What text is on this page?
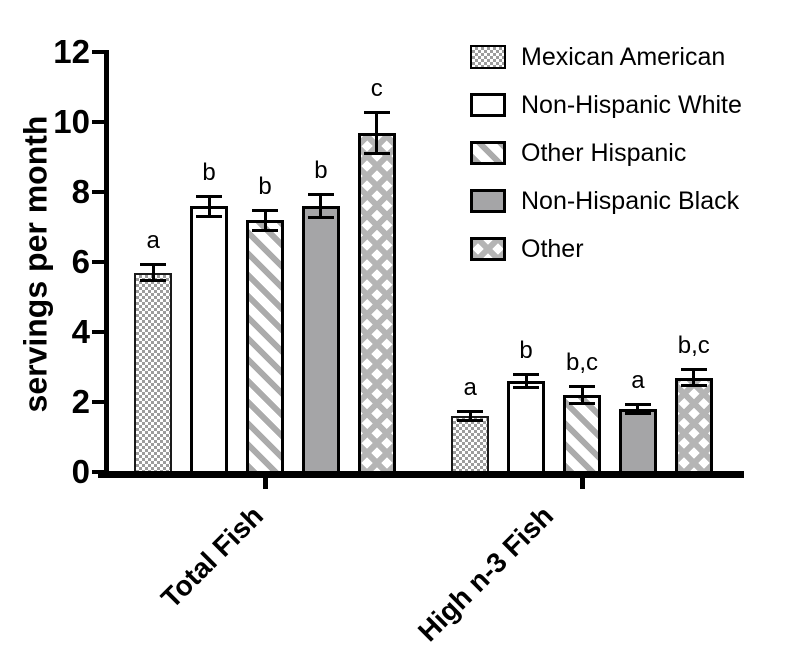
servings per month
0
2
4
6
8
10
12
Total Fish	High n-3 Fish
a
a
b
b
b
b,c
b
a
c
b,c
Mexican American
Non-Hispanic White
Other Hispanic
Non-Hispanic Black
Other
